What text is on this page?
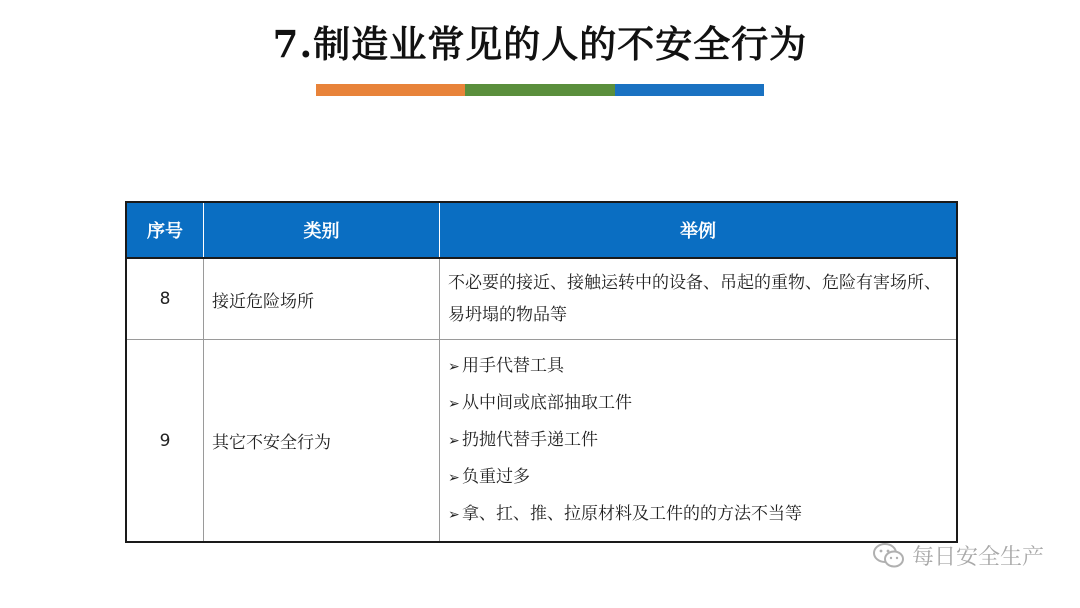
7.制造业常见的人的不安全行为
序号	类别	举例
8	接近危险场所	不必要的接近、接触运转中的设备、吊起的重物、危险有害场所、易坍塌的物品等
9	其它不安全行为	➢ 用手代替工具
➢ 从中间或底部抽取工件
➢ 扔抛代替手递工件
➢ 负重过多
➢ 拿、扛、推、拉原材料及工件的的方法不当等
每日安全生产
